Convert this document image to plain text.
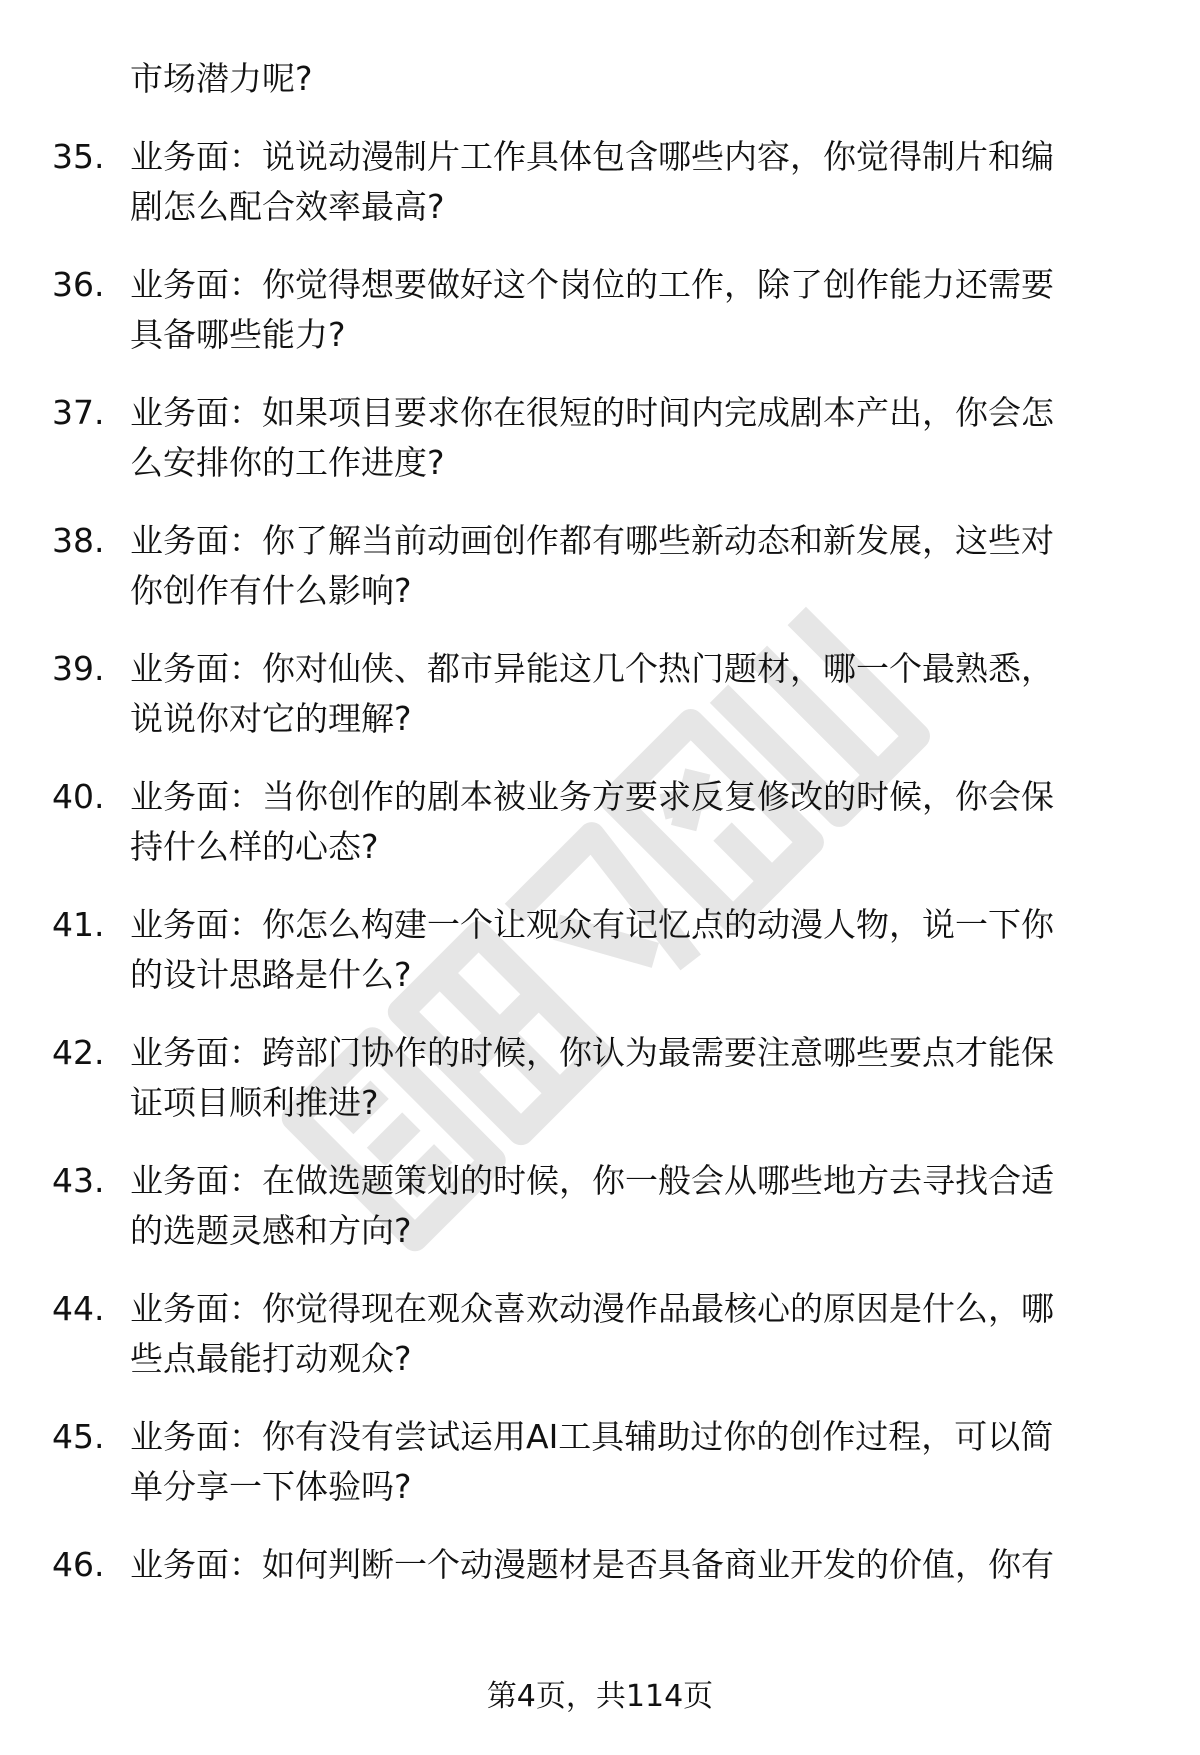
市场潜力呢?
35. 业务面：说说动漫制片工作具体包含哪些内容，你觉得制片和编
剧怎么配合效率最高?
36. 业务面：你觉得想要做好这个岗位的工作，除了创作能力还需要
具备哪些能力?
37. 业务面：如果项目要求你在很短的时间内完成剧本产出，你会怎
么安排你的工作进度?
38. 业务面：你了解当前动画创作都有哪些新动态和新发展，这些对
你创作有什么影响?
39. 业务面：你对仙侠、都市异能这几个热门题材，哪一个最熟悉，
说说你对它的理解?
40. 业务面：当你创作的剧本被业务方要求反复修改的时候，你会保
持什么样的心态?
41. 业务面：你怎么构建一个让观众有记忆点的动漫人物，说一下你
的设计思路是什么?
42. 业务面：跨部门协作的时候，你认为最需要注意哪些要点才能保
证项目顺利推进?
43. 业务面：在做选题策划的时候，你一般会从哪些地方去寻找合适
的选题灵感和方向?
44. 业务面：你觉得现在观众喜欢动漫作品最核心的原因是什么，哪
些点最能打动观众?
45. 业务面：你有没有尝试运用AI工具辅助过你的创作过程，可以简
单分享一下体验吗?
46. 业务面：如何判断一个动漫题材是否具备商业开发的价值，你有
第4页，共114页
